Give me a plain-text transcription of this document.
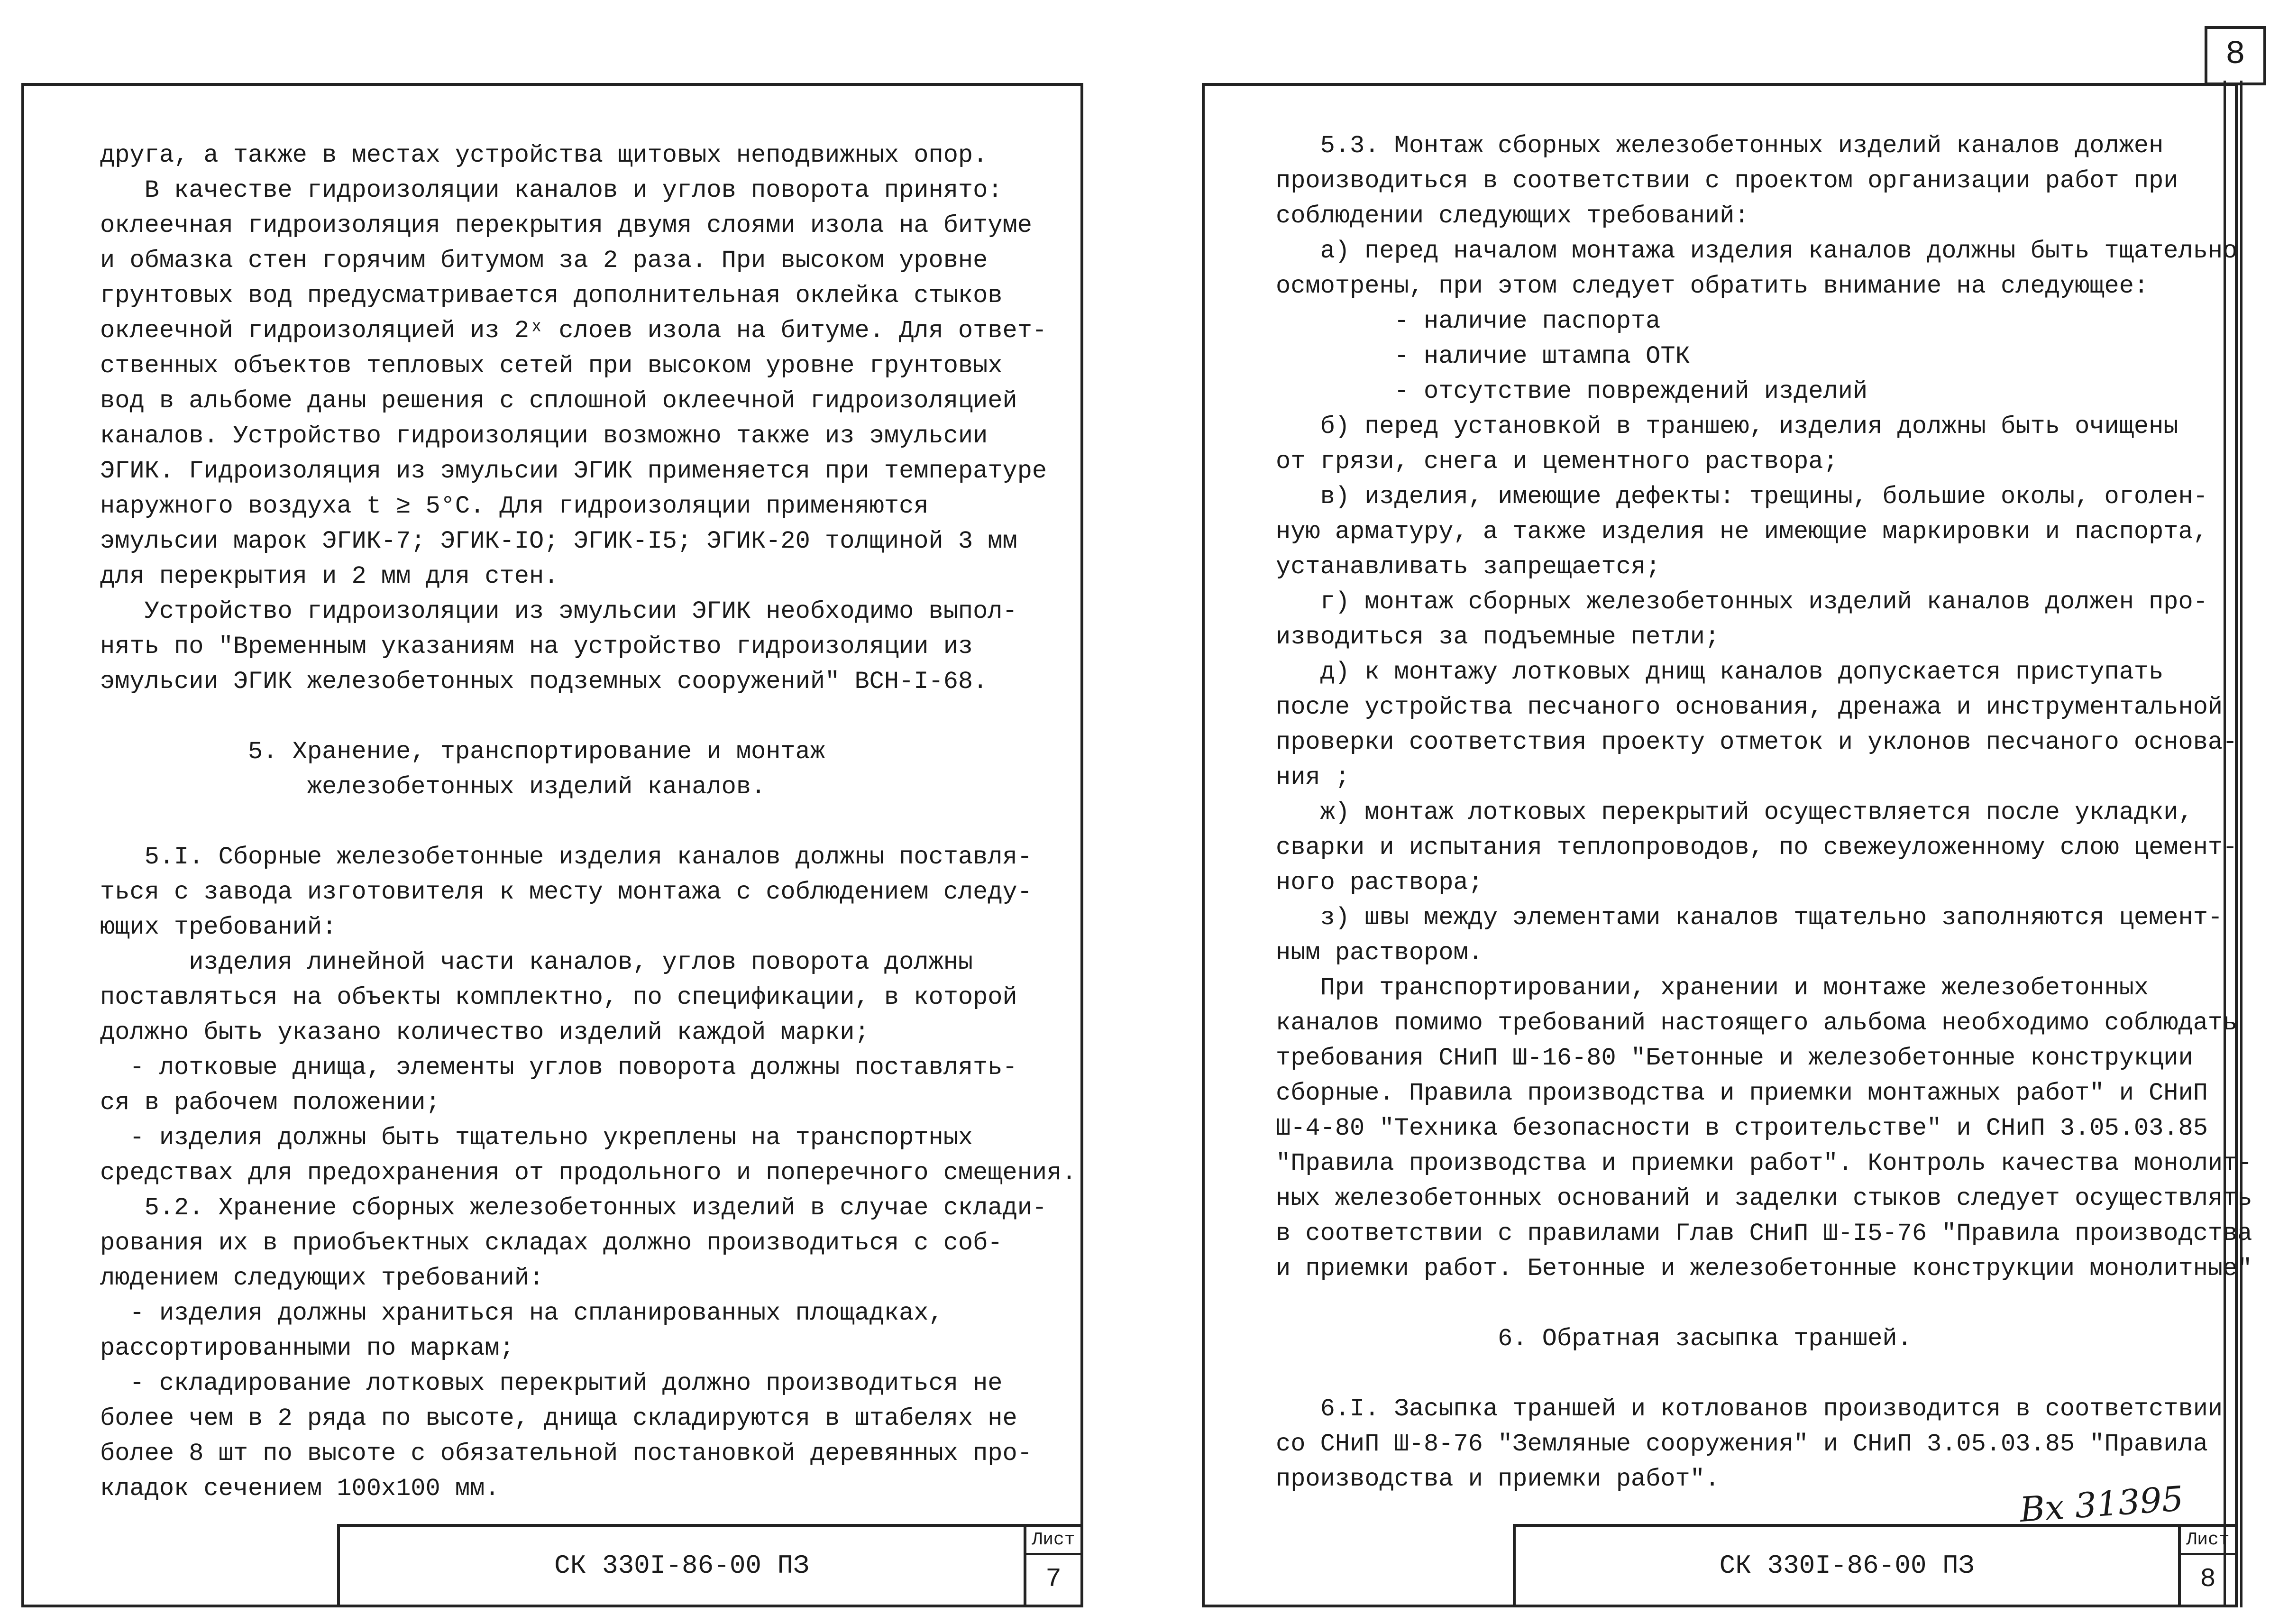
8
друга, а также в местах устройства щитовых неподвижных опор.
В качестве гидроизоляции каналов и углов поворота принято:
оклеечная гидроизоляция перекрытия двумя слоями изола на битуме
и обмазка стен горячим битумом за 2 раза. При высоком уровне
грунтовых вод предусматривается дополнительная оклейка стыков
оклеечной гидроизоляцией из 2ˣ слоев изола на битуме. Для ответ-
ственных объектов тепловых сетей при высоком уровне грунтовых
вод в альбоме даны решения с сплошной оклеечной гидроизоляцией
каналов. Устройство гидроизоляции возможно также из эмульсии
ЭГИК. Гидроизоляция из эмульсии ЭГИК применяется при температуре
наружного воздуха t ≥ 5°С. Для гидроизоляции применяются
эмульсии марок ЭГИК-7; ЭГИК-IO; ЭГИК-I5; ЭГИК-20 толщиной 3 мм
для перекрытия и 2 мм для стен.
Устройство гидроизоляции из эмульсии ЭГИК необходимо выпол-
нять по "Временным указаниям на устройство гидроизоляции из
эмульсии ЭГИК железобетонных подземных сооружений" ВСН-I-68.
5. Хранение, транспортирование и монтаж
железобетонных изделий каналов.
5.I. Сборные железобетонные изделия каналов должны поставля-
ться с завода изготовителя к месту монтажа с соблюдением следу-
ющих требований:
изделия линейной части каналов, углов поворота должны
поставляться на объекты комплектно, по спецификации, в которой
должно быть указано количество изделий каждой марки;
- лотковые днища, элементы углов поворота должны поставлять-
ся в рабочем положении;
- изделия должны быть тщательно укреплены на транспортных
средствах для предохранения от продольного и поперечного смещения.
5.2. Хранение сборных железобетонных изделий в случае склади-
рования их в приобъектных складах должно производиться с соб-
людением следующих требований:
- изделия должны храниться на спланированных площадках,
рассортированными по маркам;
- складирование лотковых перекрытий должно производиться не
более чем в 2 ряда по высоте, днища складируются в штабелях не
более 8 шт по высоте с обязательной постановкой деревянных про-
кладок сечением 100х100 мм.
СК 330I-86-00 ПЗ
Лист
7
5.3. Монтаж сборных железобетонных изделий каналов должен
производиться в соответствии с проектом организации работ при
соблюдении следующих требований:
а) перед началом монтажа изделия каналов должны быть тщательно
осмотрены, при этом следует обратить внимание на следующее:
- наличие паспорта
- наличие штампа ОТК
- отсутствие повреждений изделий
б) перед установкой в траншею, изделия должны быть очищены
от грязи, снега и цементного раствора;
в) изделия, имеющие дефекты: трещины, большие околы, оголен-
ную арматуру, а также изделия не имеющие маркировки и паспорта,
устанавливать запрещается;
г) монтаж сборных железобетонных изделий каналов должен про-
изводиться за подъемные петли;
д) к монтажу лотковых днищ каналов допускается приступать
после устройства песчаного основания, дренажа и инструментальной
проверки соответствия проекту отметок и уклонов песчаного основа-
ния ;
ж) монтаж лотковых перекрытий осуществляется после укладки,
сварки и испытания теплопроводов, по свежеуложенному слою цемент-
ного раствора;
з) швы между элементами каналов тщательно заполняются цемент-
ным раствором.
При транспортировании, хранении и монтаже железобетонных
каналов помимо требований настоящего альбома необходимо соблюдать
требования СНиП Ш-16-80 "Бетонные и железобетонные конструкции
сборные. Правила производства и приемки монтажных работ" и СНиП
Ш-4-80 "Техника безопасности в строительстве" и СНиП 3.05.03.85
"Правила производства и приемки работ". Контроль качества монолит-
ных железобетонных оснований и заделки стыков следует осуществлять
в соответствии с правилами Глав СНиП Ш-I5-76 "Правила производства
и приемки работ. Бетонные и железобетонные конструкции монолитные"
6. Обратная засыпка траншей.
6.I. Засыпка траншей и котлованов производится в соответствии
со СНиП Ш-8-76 "Земляные сооружения" и СНиП 3.05.03.85 "Правила
производства и приемки работ".
СК 330I-86-00 ПЗ
Лист
8
Вх 31395
